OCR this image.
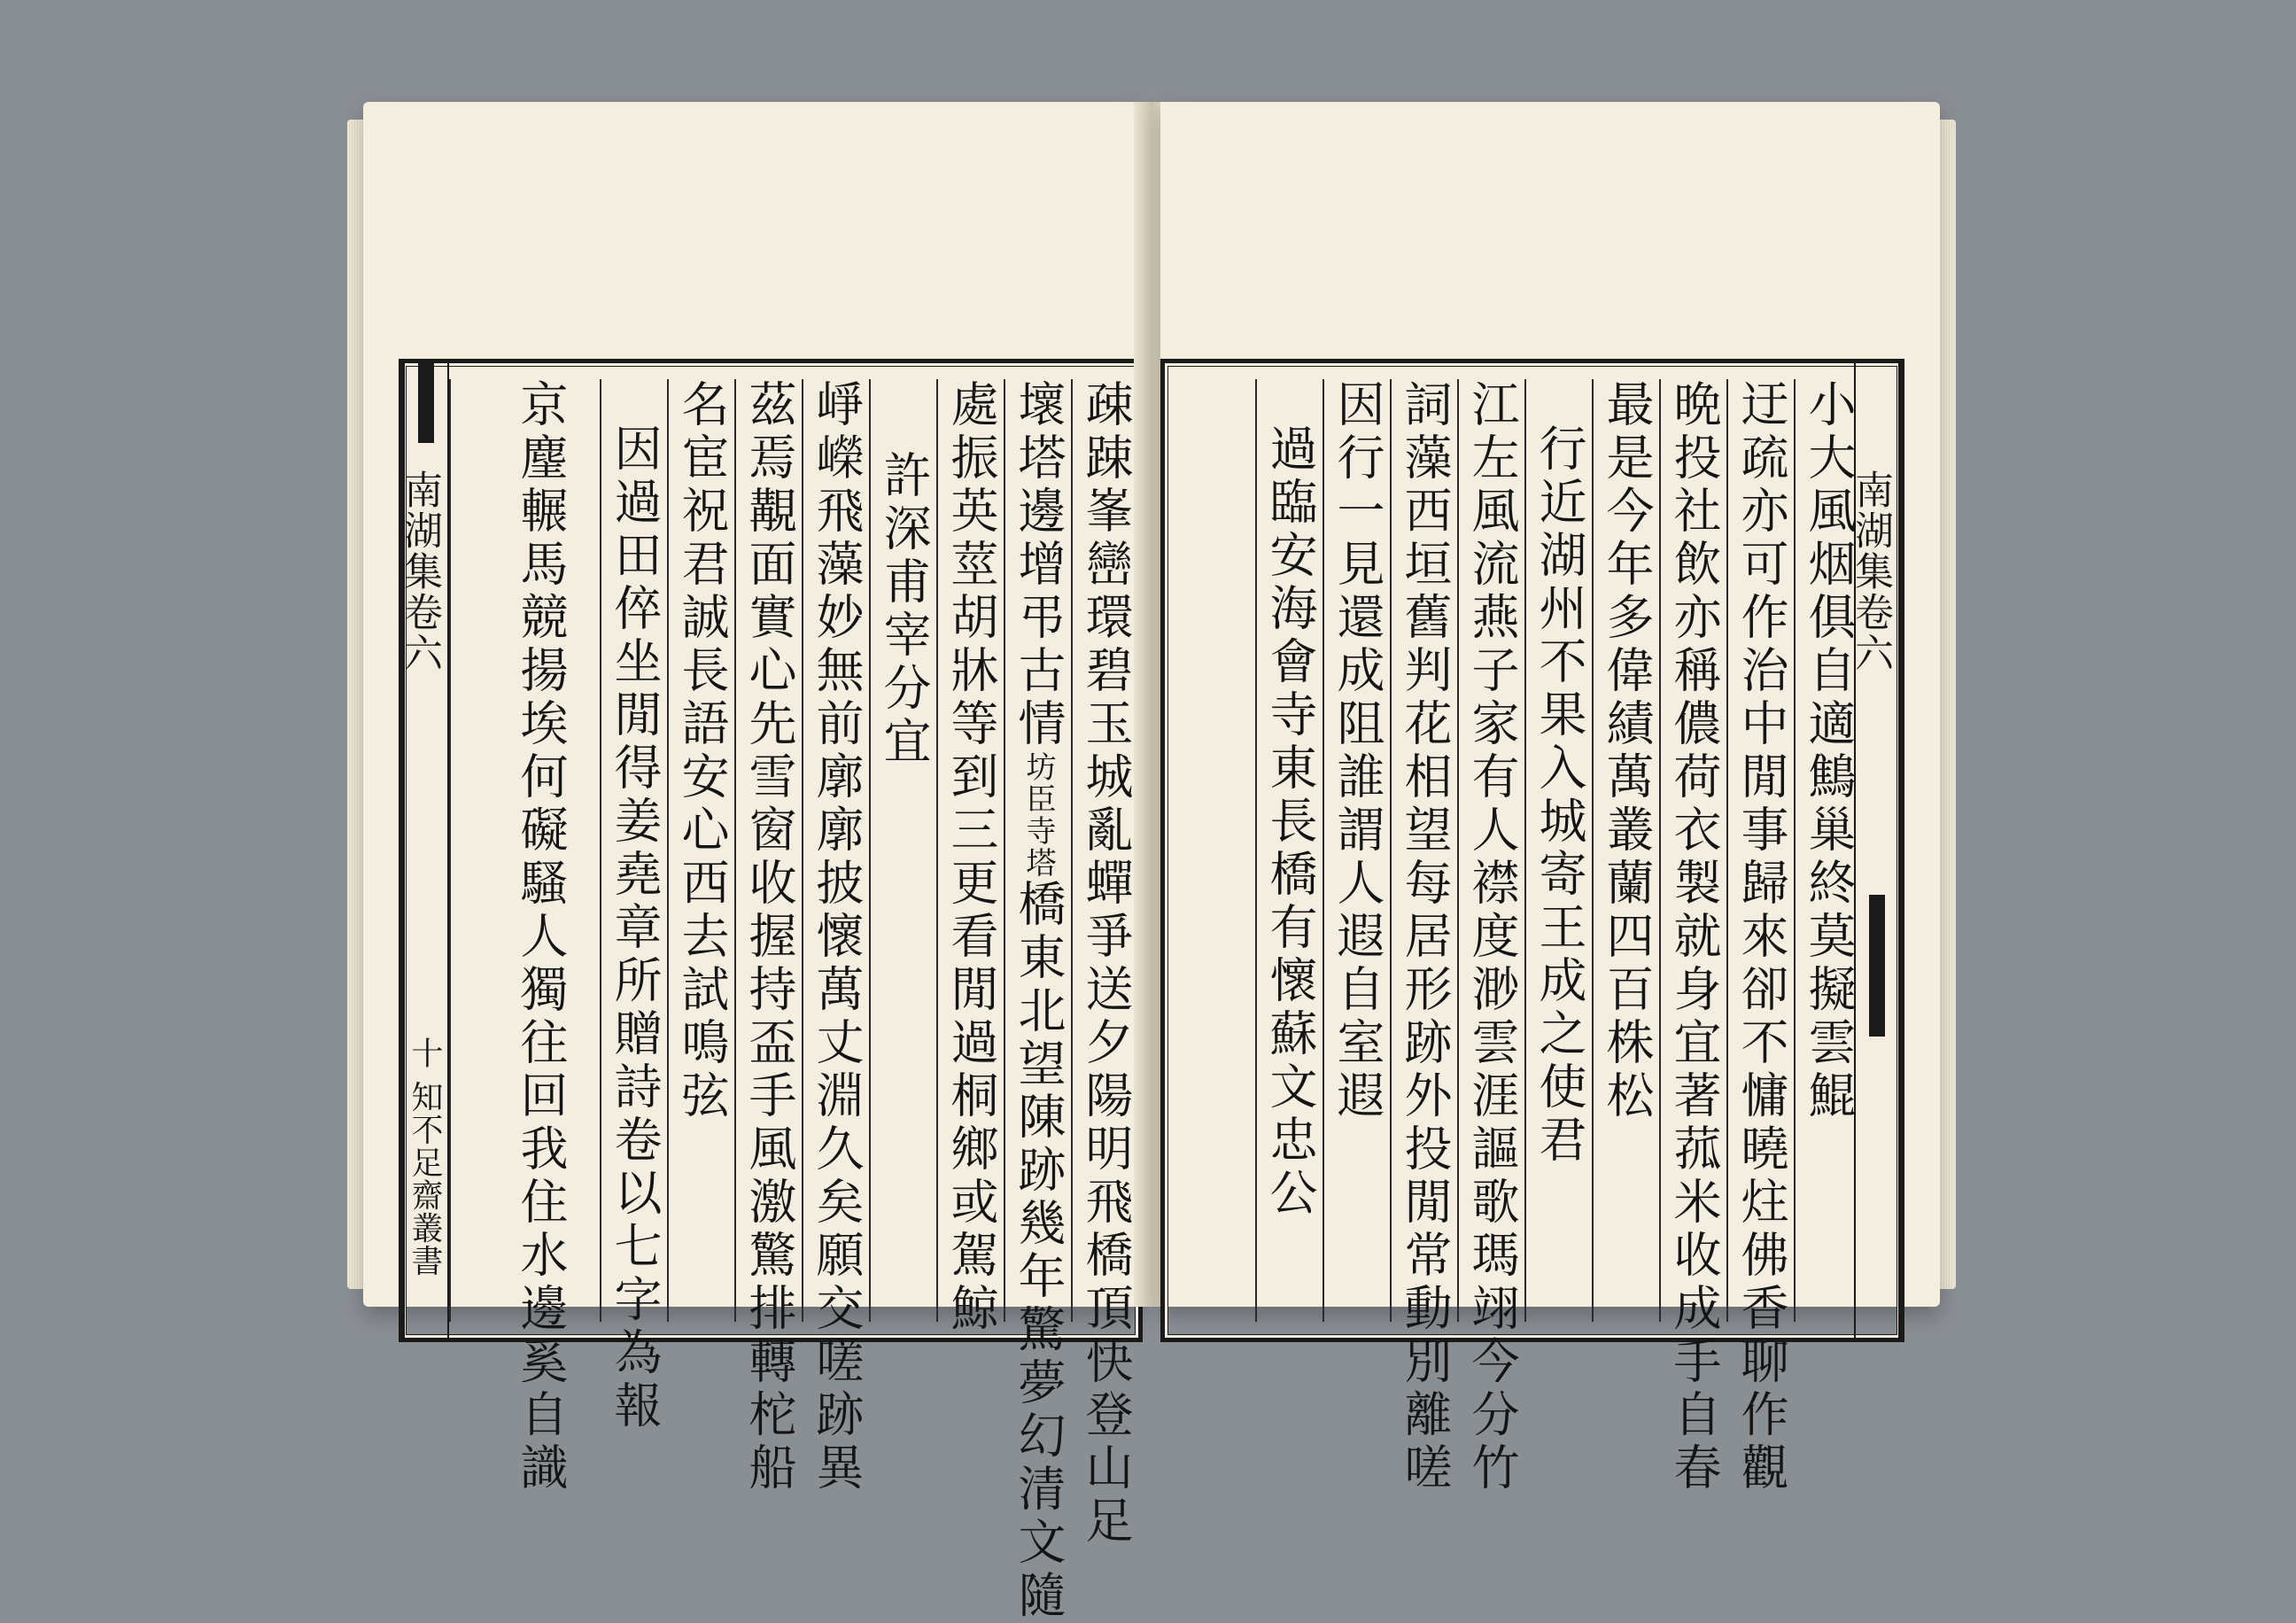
南湖集卷六
十 知不足齋叢書	疎踈峯巒環碧玉城亂蟬爭送夕陽明飛橋頂快登山足
壞塔邊增弔古情坊臣寺塔橋東北望陳跡幾年驚夢幻清文隨
處振英莖胡牀等到三更看閒過桐鄉或駕鯨
許深甫宰分宜
崢嶸飛藻妙無前廓廓披懷萬丈淵久矣願交嗟跡異
茲焉覯面實心先雪窗收握持盃手風激驚排轉柁船
名宦祝君誠長語安心西去試鳴弦
因過田倅坐閒得姜堯章所贈詩卷以七字為報
京麈輾馬競揚埃何礙騷人獨往回我住水邊奚自識	南湖集卷六
小大風烟俱自適鷦巢終莫擬雲鯤
迂疏亦可作治中閒事歸來卻不慵曉炷佛香聊作觀
晩投社飲亦稱儂荷衣製就身宜著菰米收成手自春
最是今年多偉績萬叢蘭四百株松
行近湖州不果入城寄王成之使君
江左風流燕子家有人襟度渺雲涯謳歌瑪翊今分竹
詞藻西垣舊判花相望每居形跡外投閒常動別離嗟
因行一見還成阻誰謂人遐自室遐
過臨安海會寺東長橋有懷蘇文忠公
